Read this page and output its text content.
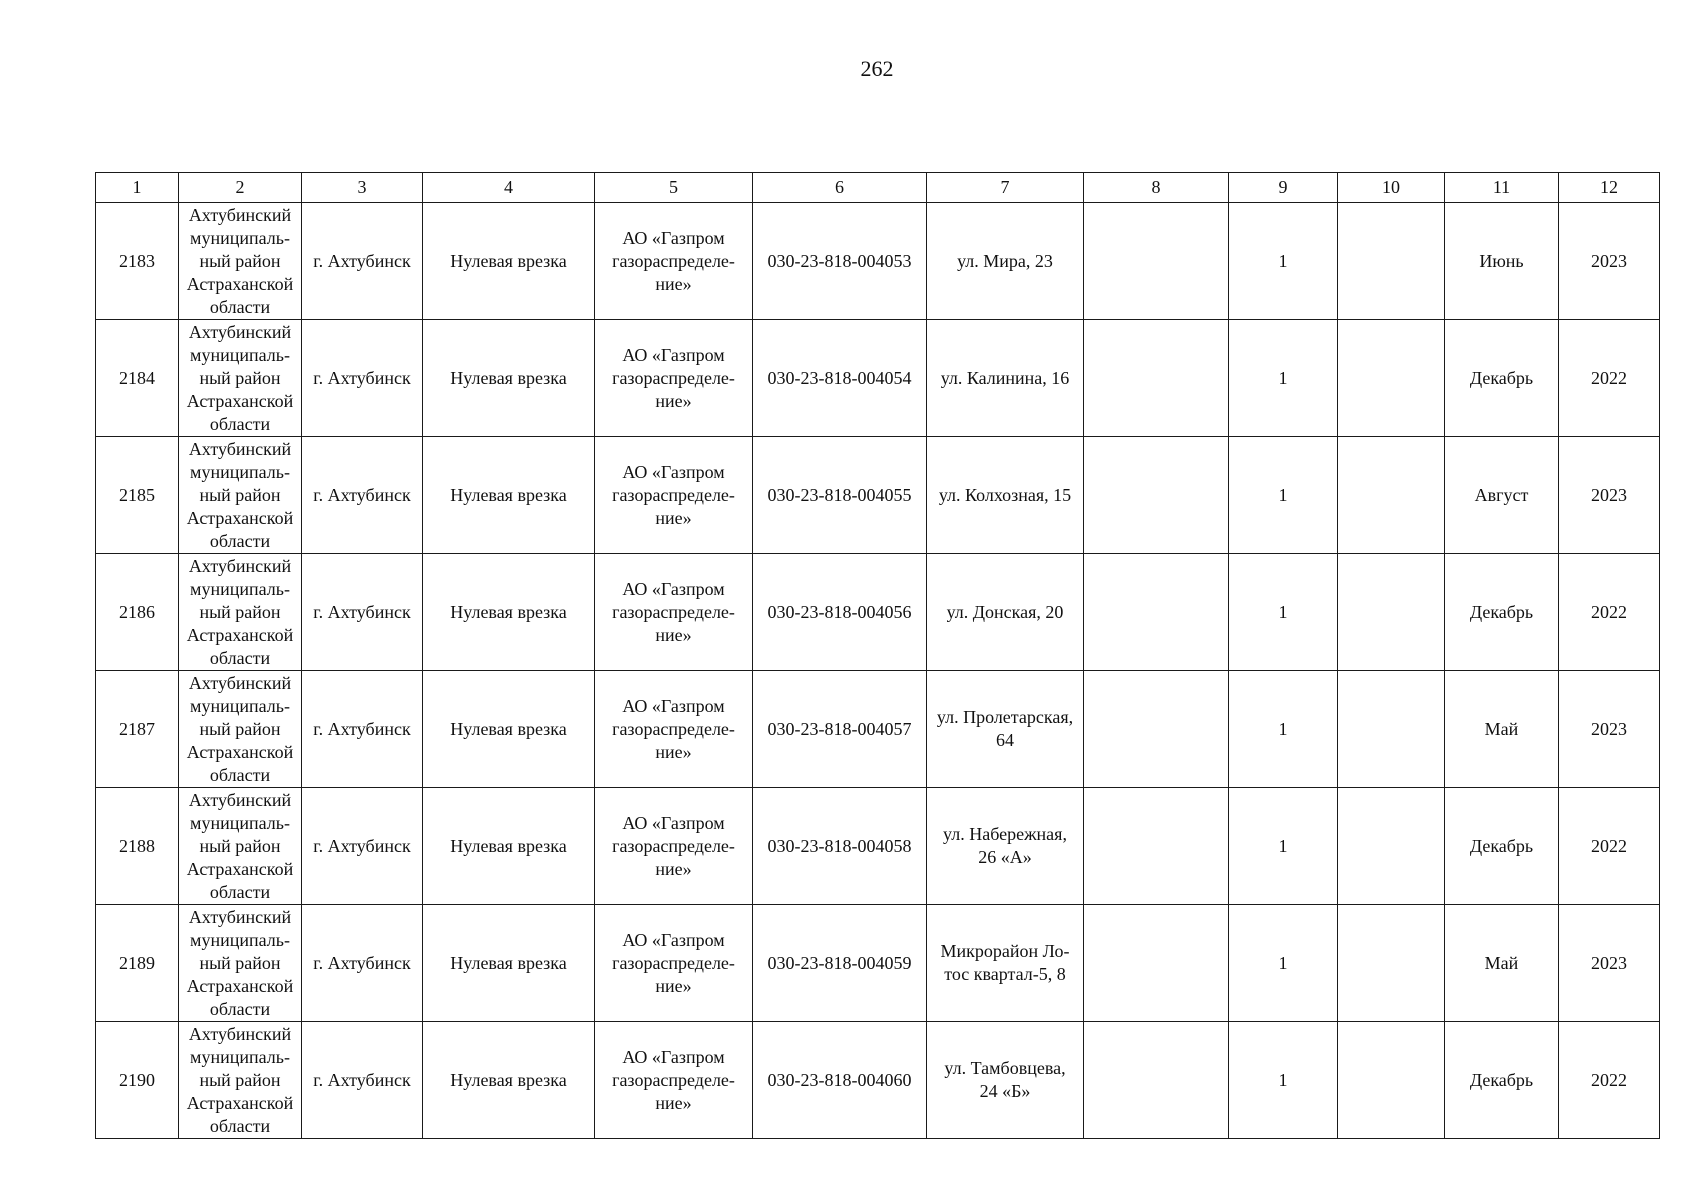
262
1	2	3	4	5	6	7	8	9	10	11	12
2183	Ахтубинский
муниципаль-
ный район
Астраханской
области	г. Ахтубинск	Нулевая врезка	АО «Газпром
газораспределе-
ние»	030-23-818-004053	ул. Мира, 23		1		Июнь	2023
2184	Ахтубинский
муниципаль-
ный район
Астраханской
области	г. Ахтубинск	Нулевая врезка	АО «Газпром
газораспределе-
ние»	030-23-818-004054	ул. Калинина, 16		1		Декабрь	2022
2185	Ахтубинский
муниципаль-
ный район
Астраханской
области	г. Ахтубинск	Нулевая врезка	АО «Газпром
газораспределе-
ние»	030-23-818-004055	ул. Колхозная, 15		1		Август	2023
2186	Ахтубинский
муниципаль-
ный район
Астраханской
области	г. Ахтубинск	Нулевая врезка	АО «Газпром
газораспределе-
ние»	030-23-818-004056	ул. Донская, 20		1		Декабрь	2022
2187	Ахтубинский
муниципаль-
ный район
Астраханской
области	г. Ахтубинск	Нулевая врезка	АО «Газпром
газораспределе-
ние»	030-23-818-004057	ул. Пролетарская,
64		1		Май	2023
2188	Ахтубинский
муниципаль-
ный район
Астраханской
области	г. Ахтубинск	Нулевая врезка	АО «Газпром
газораспределе-
ние»	030-23-818-004058	ул. Набережная,
26 «А»		1		Декабрь	2022
2189	Ахтубинский
муниципаль-
ный район
Астраханской
области	г. Ахтубинск	Нулевая врезка	АО «Газпром
газораспределе-
ние»	030-23-818-004059	Микрорайон Ло-
тос квартал-5, 8		1		Май	2023
2190	Ахтубинский
муниципаль-
ный район
Астраханской
области	г. Ахтубинск	Нулевая врезка	АО «Газпром
газораспределе-
ние»	030-23-818-004060	ул. Тамбовцева,
24 «Б»		1		Декабрь	2022
